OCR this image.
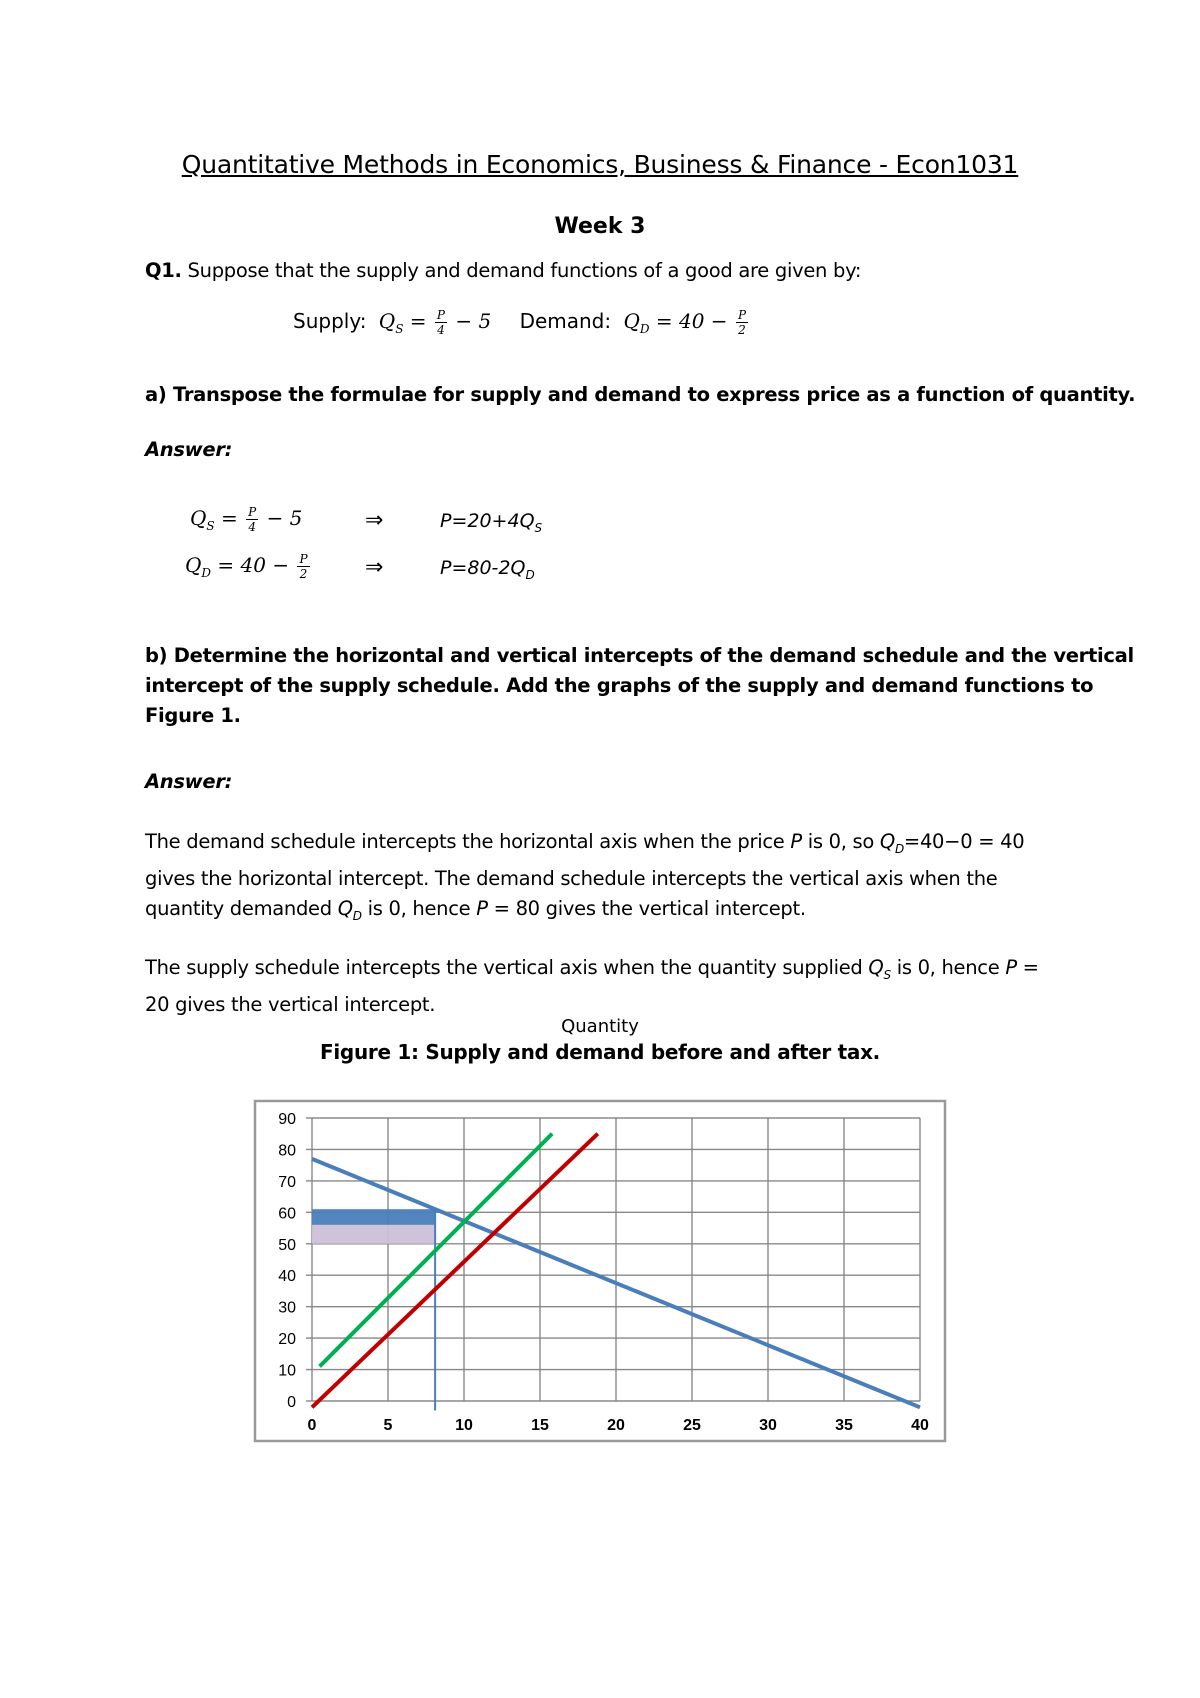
Quantitative Methods in Economics, Business & Finance - Econ1031
Week 3
Q1. Suppose that the supply and demand functions of a good are given by:
Supply: $Q_S = \frac{P}{4} - 5$ Demand: $Q_D = 40 - \frac{P}{2}$
a) Transpose the formulae for supply and demand to express price as a function of quantity.
Answer:
$Q_S = \frac{P}{4} - 5$	⇒	$P=20+4Q_S$
$Q_D = 40 - \frac{P}{2}$	⇒	$P=80-2Q_D$
b) Determine the horizontal and vertical intercepts of the demand schedule and the vertical
intercept of the supply schedule. Add the graphs of the supply and demand functions to
Figure 1.
Answer:
The demand schedule intercepts the horizontal axis when the price P is 0, so $Q_D=40-0 = 40$
gives the horizontal intercept. The demand schedule intercepts the vertical axis when the
quantity demanded $Q_D$ is 0, hence P = 80 gives the vertical intercept.
The supply schedule intercepts the vertical axis when the quantity supplied $Q_S$ is 0, hence P =
20 gives the vertical intercept.
Quantity
Figure 1: Supply and demand before and after tax.
0
10
20
30
40
50
60
70
80
90
0	5	10	15	20	25	30	35	40
